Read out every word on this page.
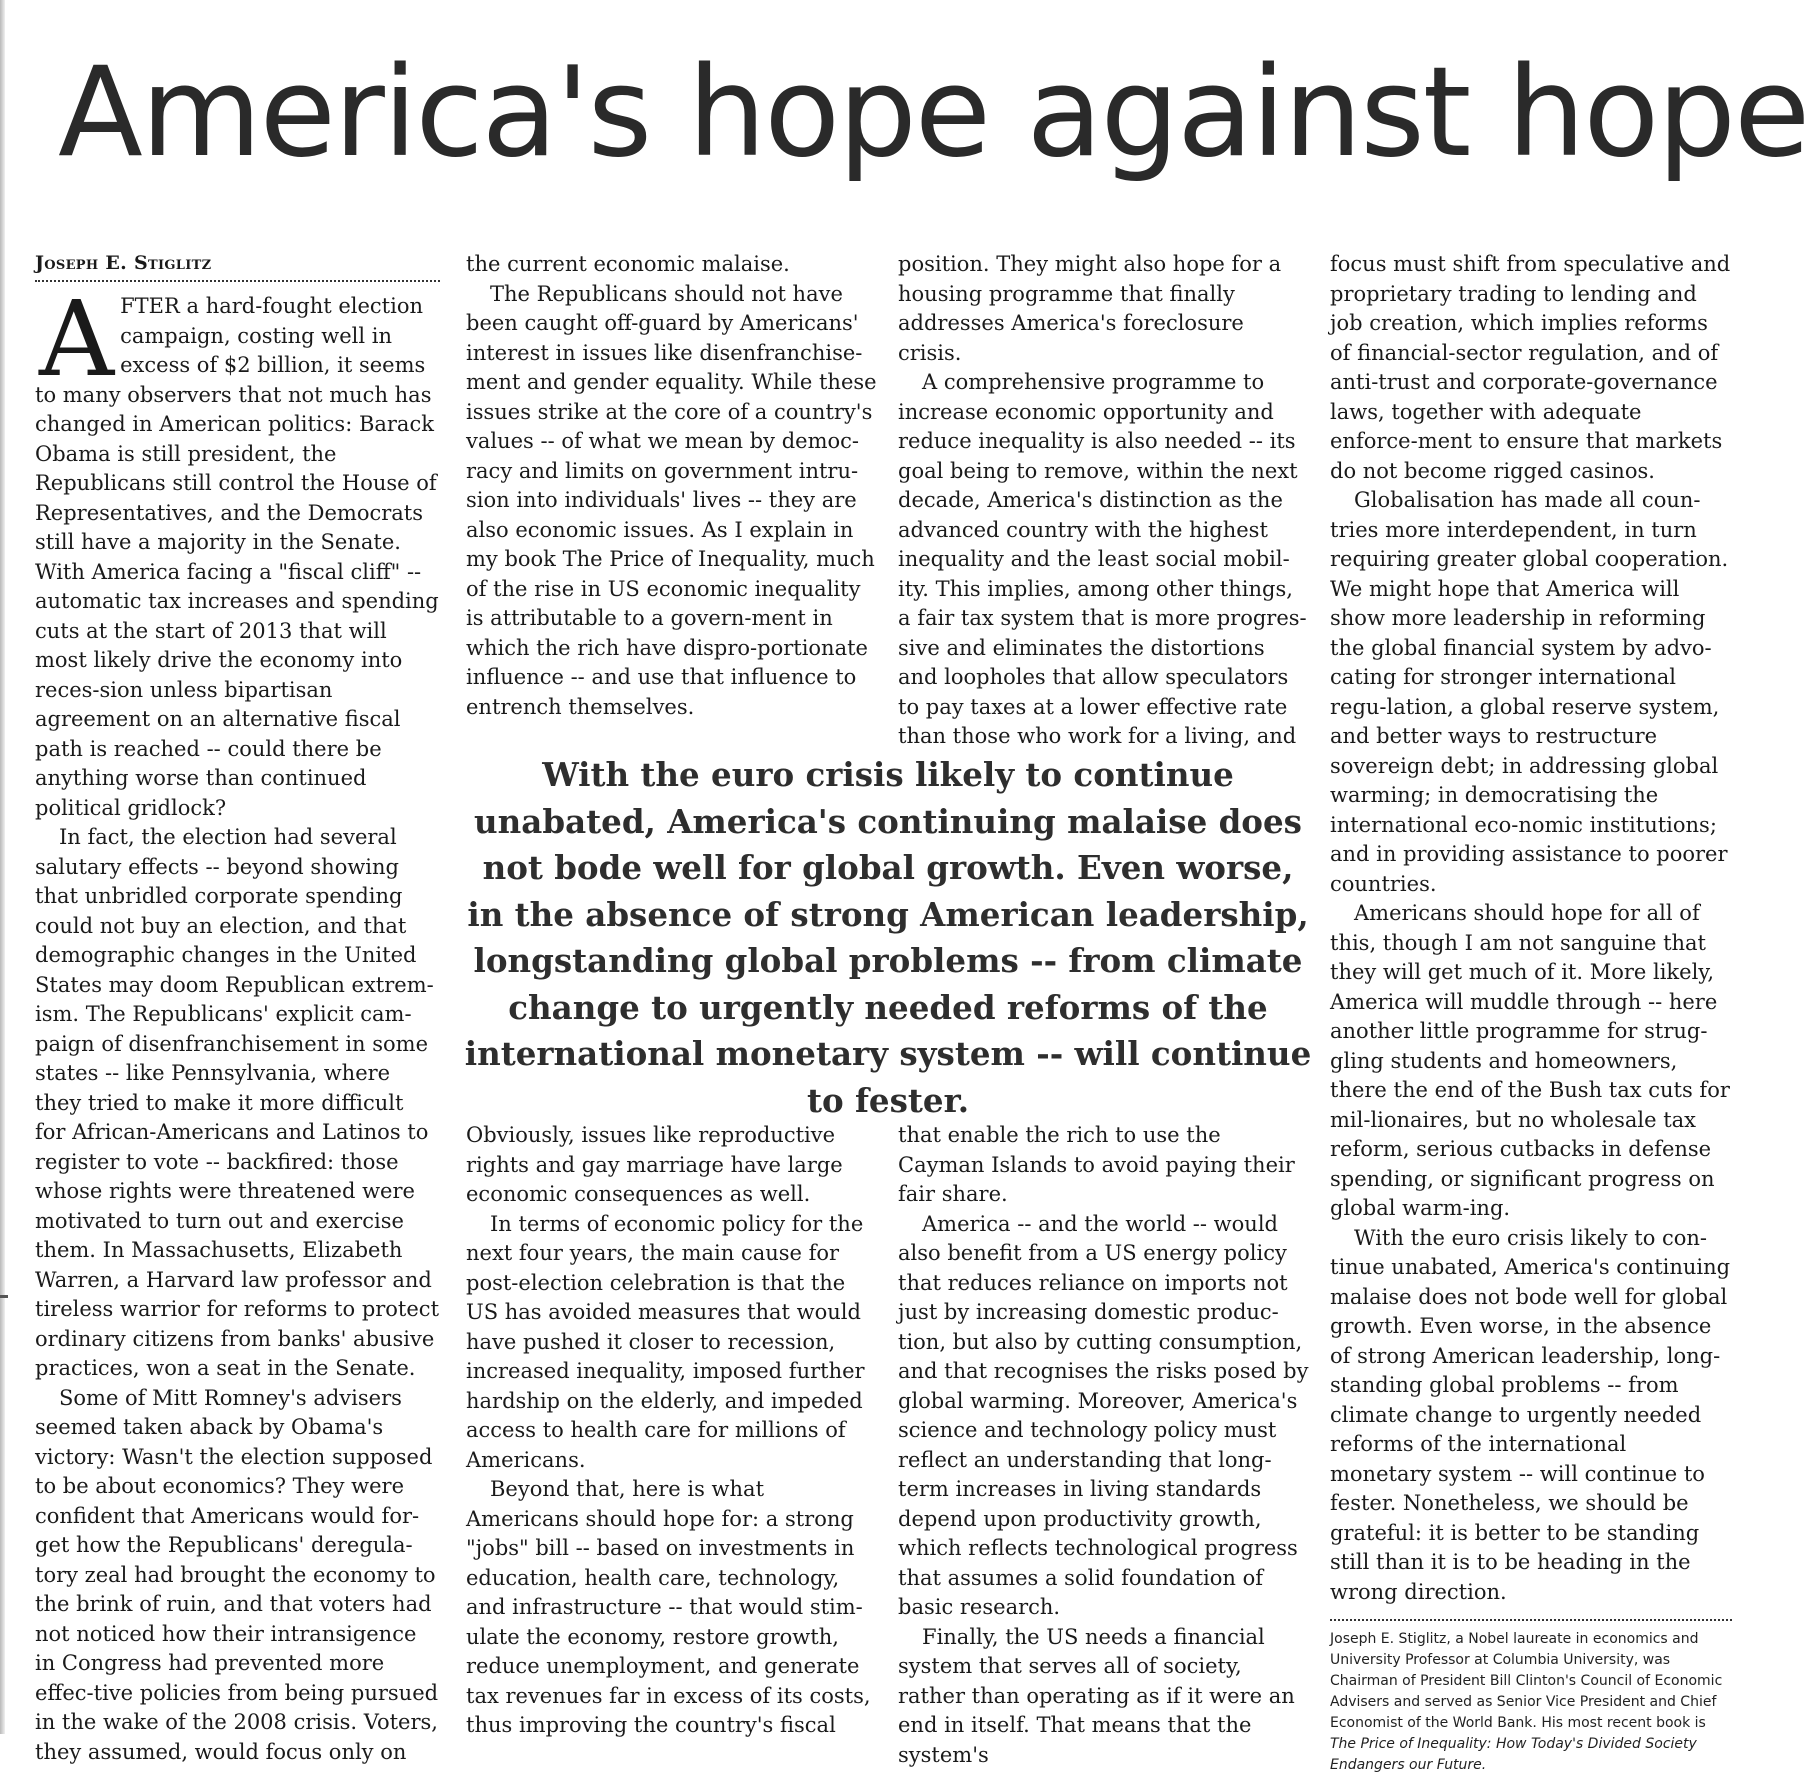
America's hope against hope
Joseph E. Stiglitz

AFTER a hard-fought election campaign, costing well in excess of $2 billion, it seems to many observers that not much has changed in American politics: Barack Obama is still president, the Republicans still control the House of Representatives, and the Democrats still have a majority in the Senate. With America facing a "fiscal cliff" -- automatic tax increases and spending cuts at the start of 2013 that will most likely drive the economy into reces-sion unless bipartisan agreement on an alternative fiscal path is reached -- could there be anything worse than continued political gridlock?

In fact, the election had several salutary effects -- beyond showing that unbridled corporate spending could not buy an election, and that demographic changes in the United States may doom Republican extrem-ism. The Republicans' explicit cam-paign of disenfranchisement in some states -- like Pennsylvania, where they tried to make it more difficult for African-Americans and Latinos to register to vote -- backfired: those whose rights were threatened were motivated to turn out and exercise them. In Massachusetts, Elizabeth Warren, a Harvard law professor and tireless warrior for reforms to protect ordinary citizens from banks' abusive practices, won a seat in the Senate.

Some of Mitt Romney's advisers seemed taken aback by Obama's victory: Wasn't the election supposed to be about economics? They were confident that Americans would for-get how the Republicans' deregula-tory zeal had brought the economy to the brink of ruin, and that voters had not noticed how their intransigence in Congress had prevented more effec-tive policies from being pursued in the wake of the 2008 crisis. Voters, they assumed, would focus only on

the current economic malaise.

The Republicans should not have been caught off-guard by Americans' interest in issues like disenfranchise-ment and gender equality. While these issues strike at the core of a country's values -- of what we mean by democ-racy and limits on government intru-sion into individuals' lives -- they are also economic issues. As I explain in my book The Price of Inequality, much of the rise in US economic inequality is attributable to a govern-ment in which the rich have dispro-portionate influence -- and use that influence to entrench themselves.

position. They might also hope for a housing programme that finally addresses America's foreclosure crisis.

A comprehensive programme to increase economic opportunity and reduce inequality is also needed -- its goal being to remove, within the next decade, America's distinction as the advanced country with the highest inequality and the least social mobil-ity. This implies, among other things, a fair tax system that is more progres-sive and eliminates the distortions and loopholes that allow speculators to pay taxes at a lower effective rate than those who work for a living, and

With the euro crisis likely to continue unabated, America's continuing malaise does not bode well for global growth. Even worse, in the absence of strong American leadership, longstanding global problems -- from climate change to urgently needed reforms of the international monetary system -- will continue to fester.

Obviously, issues like reproductive rights and gay marriage have large economic consequences as well.

In terms of economic policy for the next four years, the main cause for post-election celebration is that the US has avoided measures that would have pushed it closer to recession, increased inequality, imposed further hardship on the elderly, and impeded access to health care for millions of Americans.

Beyond that, here is what Americans should hope for: a strong "jobs" bill -- based on investments in education, health care, technology, and infrastructure -- that would stim-ulate the economy, restore growth, reduce unemployment, and generate tax revenues far in excess of its costs, thus improving the country's fiscal

that enable the rich to use the Cayman Islands to avoid paying their fair share.

America -- and the world -- would also benefit from a US energy policy that reduces reliance on imports not just by increasing domestic produc-tion, but also by cutting consumption, and that recognises the risks posed by global warming. Moreover, America's science and technology policy must reflect an understanding that long-term increases in living standards depend upon productivity growth, which reflects technological progress that assumes a solid foundation of basic research.

Finally, the US needs a financial system that serves all of society, rather than operating as if it were an end in itself. That means that the system's

focus must shift from speculative and proprietary trading to lending and job creation, which implies reforms of financial-sector regulation, and of anti-trust and corporate-governance laws, together with adequate enforce-ment to ensure that markets do not become rigged casinos.

Globalisation has made all coun-tries more interdependent, in turn requiring greater global cooperation. We might hope that America will show more leadership in reforming the global financial system by advo-cating for stronger international regu-lation, a global reserve system, and better ways to restructure sovereign debt; in addressing global warming; in democratising the international eco-nomic institutions; and in providing assistance to poorer countries.

Americans should hope for all of this, though I am not sanguine that they will get much of it. More likely, America will muddle through -- here another little programme for strug-gling students and homeowners, there the end of the Bush tax cuts for mil-lionaires, but no wholesale tax reform, serious cutbacks in defense spending, or significant progress on global warm-ing.

With the euro crisis likely to con-tinue unabated, America's continuing malaise does not bode well for global growth. Even worse, in the absence of strong American leadership, long-standing global problems -- from climate change to urgently needed reforms of the international monetary system -- will continue to fester. Nonetheless, we should be grateful: it is better to be standing still than it is to be heading in the wrong direction.

Joseph E. Stiglitz, a Nobel laureate in economics and University Professor at Columbia University, was Chairman of President Bill Clinton's Council of Economic Advisers and served as Senior Vice President and Chief Economist of the World Bank. His most recent book is The Price of Inequality: How Today's Divided Society Endangers our Future.
